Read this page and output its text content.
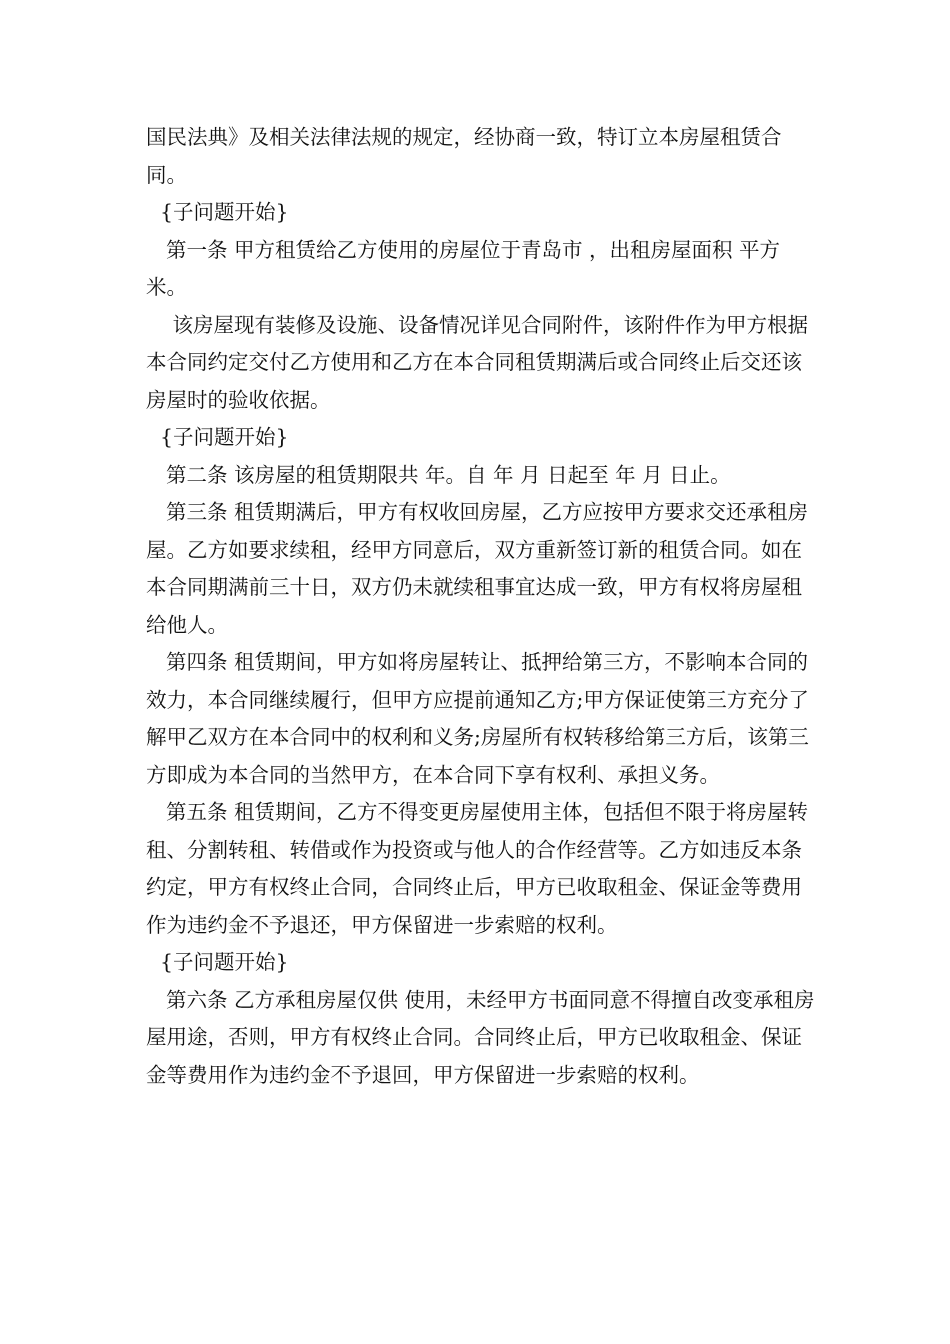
国民法典》及相关法律法规的规定，经协商一致，特订立本房屋租赁合同。

{子问题开始}

第一条 甲方租赁给乙方使用的房屋位于青岛市 ，出租房屋面积 平方米。

该房屋现有装修及设施、设备情况详见合同附件，该附件作为甲方根据本合同约定交付乙方使用和乙方在本合同租赁期满后或合同终止后交还该房屋时的验收依据。

{子问题开始}

第二条 该房屋的租赁期限共 年。自 年 月 日起至 年 月 日止。

第三条 租赁期满后，甲方有权收回房屋，乙方应按甲方要求交还承租房屋。乙方如要求续租，经甲方同意后，双方重新签订新的租赁合同。如在本合同期满前三十日，双方仍未就续租事宜达成一致，甲方有权将房屋租给他人。

第四条 租赁期间，甲方如将房屋转让、抵押给第三方，不影响本合同的效力，本合同继续履行，但甲方应提前通知乙方;甲方保证使第三方充分了解甲乙双方在本合同中的权利和义务;房屋所有权转移给第三方后，该第三方即成为本合同的当然甲方，在本合同下享有权利、承担义务。

第五条 租赁期间，乙方不得变更房屋使用主体，包括但不限于将房屋转租、分割转租、转借或作为投资或与他人的合作经营等。乙方如违反本条约定，甲方有权终止合同，合同终止后，甲方已收取租金、保证金等费用作为违约金不予退还，甲方保留进一步索赔的权利。

{子问题开始}

第六条 乙方承租房屋仅供 使用，未经甲方书面同意不得擅自改变承租房屋用途，否则，甲方有权终止合同。合同终止后，甲方已收取租金、保证金等费用作为违约金不予退回，甲方保留进一步索赔的权利。
